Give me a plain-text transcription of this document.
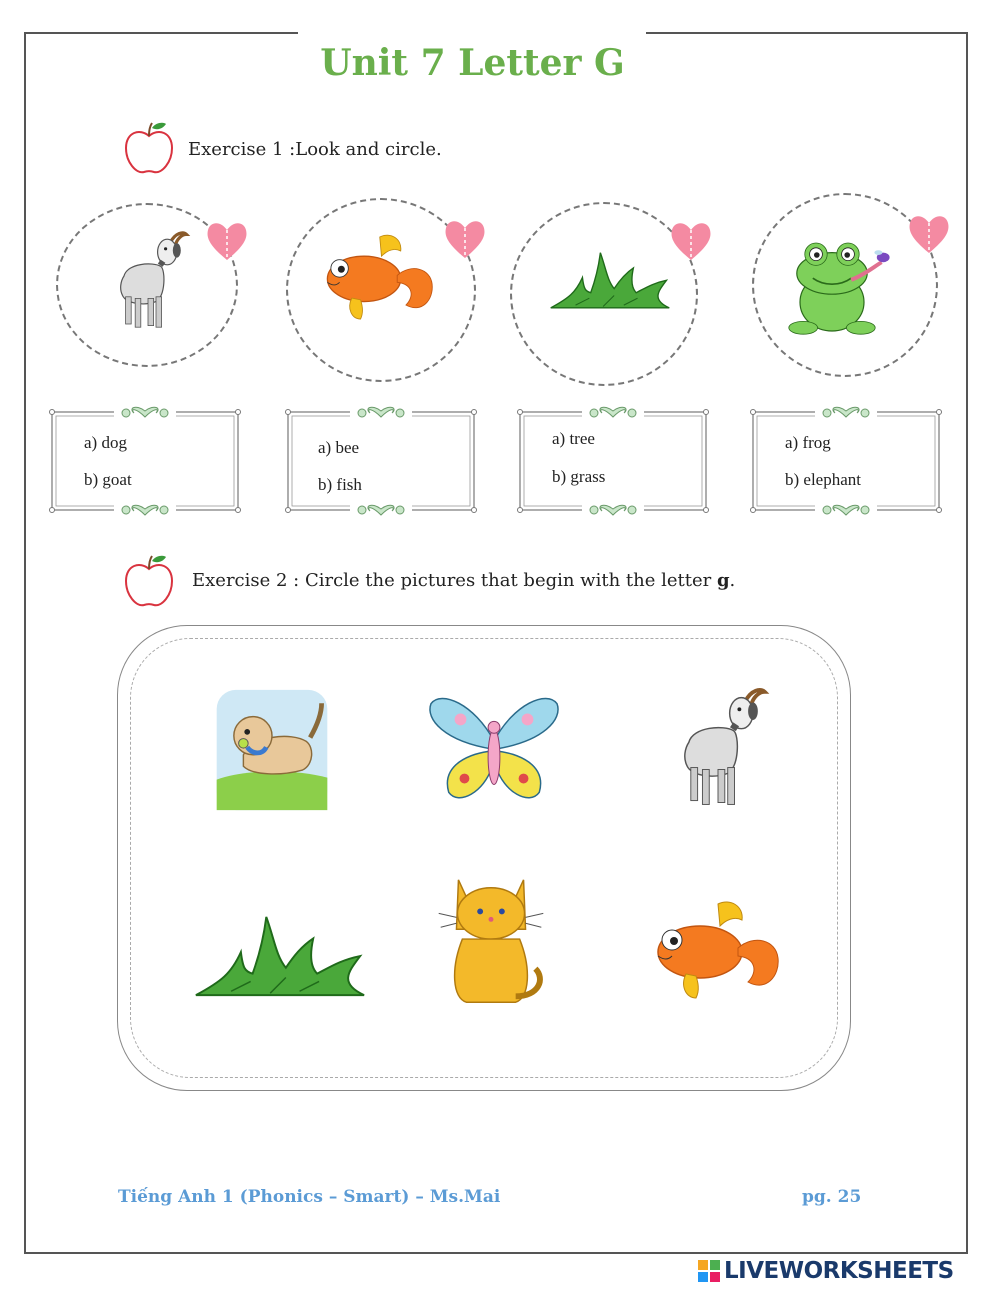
Unit 7 Letter G
Exercise 1 :Look and circle.
a) dog
b) goat
a) bee
b) fish
a) tree
b) grass
a) frog
b) elephant
Exercise 2 : Circle the pictures that begin with the letter g.
Tiếng Anh 1 (Phonics – Smart) – Ms.Mai	pg. 25
LIVEWORKSHEETS
